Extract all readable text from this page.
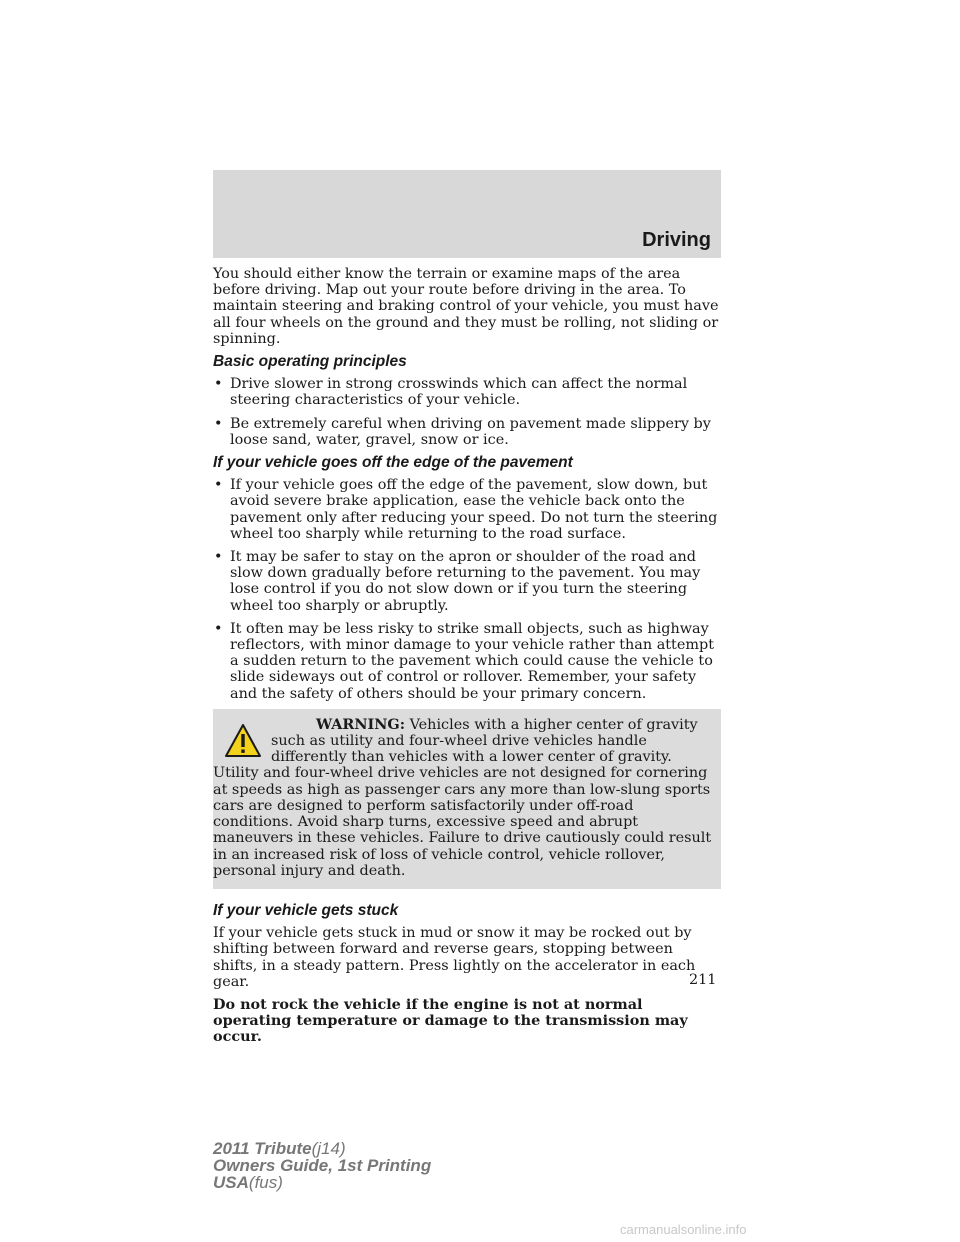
Driving

You should either know the terrain or examine maps of the area before driving. Map out your route before driving in the area. To maintain steering and braking control of your vehicle, you must have all four wheels on the ground and they must be rolling, not sliding or spinning.

Basic operating principles
• Drive slower in strong crosswinds which can affect the normal steering characteristics of your vehicle.
• Be extremely careful when driving on pavement made slippery by loose sand, water, gravel, snow or ice.
If your vehicle goes off the edge of the pavement
• If your vehicle goes off the edge of the pavement, slow down, but avoid severe brake application, ease the vehicle back onto the pavement only after reducing your speed. Do not turn the steering wheel too sharply while returning to the road surface.
• It may be safer to stay on the apron or shoulder of the road and slow down gradually before returning to the pavement. You may lose control if you do not slow down or if you turn the steering wheel too sharply or abruptly.
• It often may be less risky to strike small objects, such as highway reflectors, with minor damage to your vehicle rather than attempt a sudden return to the pavement which could cause the vehicle to slide sideways out of control or rollover. Remember, your safety and the safety of others should be your primary concern.
WARNING: Vehicles with a higher center of gravity such as utility and four-wheel drive vehicles handle differently than vehicles with a lower center of gravity. Utility and four-wheel drive vehicles are not designed for cornering at speeds as high as passenger cars any more than low-slung sports cars are designed to perform satisfactorily under off-road conditions. Avoid sharp turns, excessive speed and abrupt maneuvers in these vehicles. Failure to drive cautiously could result in an increased risk of loss of vehicle control, vehicle rollover, personal injury and death.
If your vehicle gets stuck

If your vehicle gets stuck in mud or snow it may be rocked out by shifting between forward and reverse gears, stopping between shifts, in a steady pattern. Press lightly on the accelerator in each gear.

Do not rock the vehicle if the engine is not at normal operating temperature or damage to the transmission may occur.

211
2011 Tribute(j14)
Owners Guide, 1st Printing
USA(fus)
carmanualsonline.info
